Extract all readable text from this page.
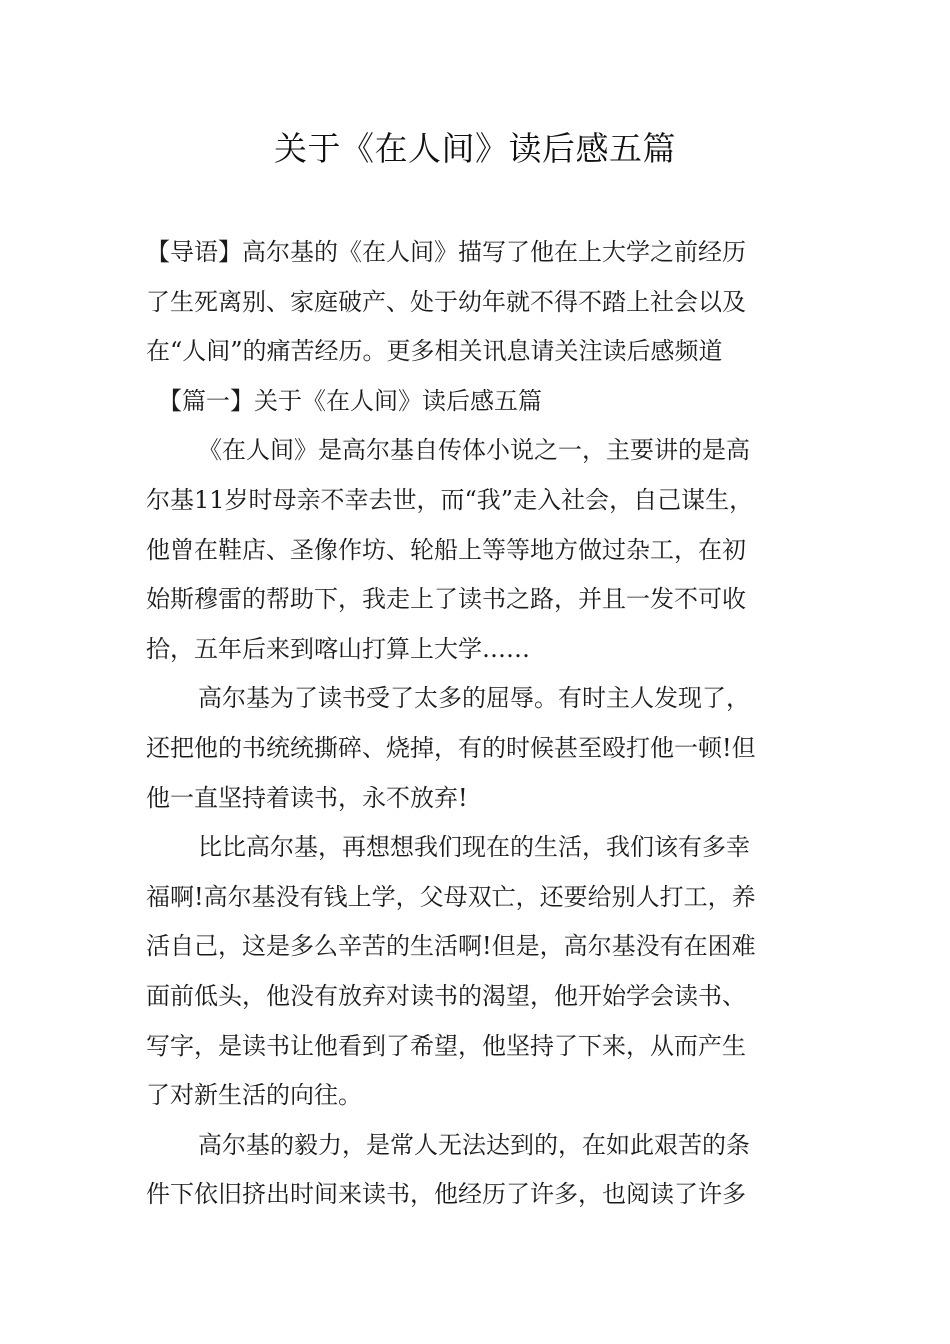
关于《在人间》读后感五篇
【导语】高尔基的《在人间》描写了他在上大学之前经历
了生死离别、家庭破产、处于幼年就不得不踏上社会以及
在“人间”的痛苦经历。更多相关讯息请关注读后感频道
【篇一】关于《在人间》读后感五篇
《在人间》是高尔基自传体小说之一，主要讲的是高
尔基11岁时母亲不幸去世，而“我”走入社会，自己谋生，
他曾在鞋店、圣像作坊、轮船上等等地方做过杂工，在初
始斯穆雷的帮助下，我走上了读书之路，并且一发不可收
拾，五年后来到喀山打算上大学……
高尔基为了读书受了太多的屈辱。有时主人发现了，
还把他的书统统撕碎、烧掉，有的时候甚至殴打他一顿!但
他一直坚持着读书，永不放弃!
比比高尔基，再想想我们现在的生活，我们该有多幸
福啊!高尔基没有钱上学，父母双亡，还要给别人打工，养
活自己，这是多么辛苦的生活啊!但是，高尔基没有在困难
面前低头，他没有放弃对读书的渴望，他开始学会读书、
写字，是读书让他看到了希望，他坚持了下来，从而产生
了对新生活的向往。
高尔基的毅力，是常人无法达到的，在如此艰苦的条
件下依旧挤出时间来读书，他经历了许多，也阅读了许多
